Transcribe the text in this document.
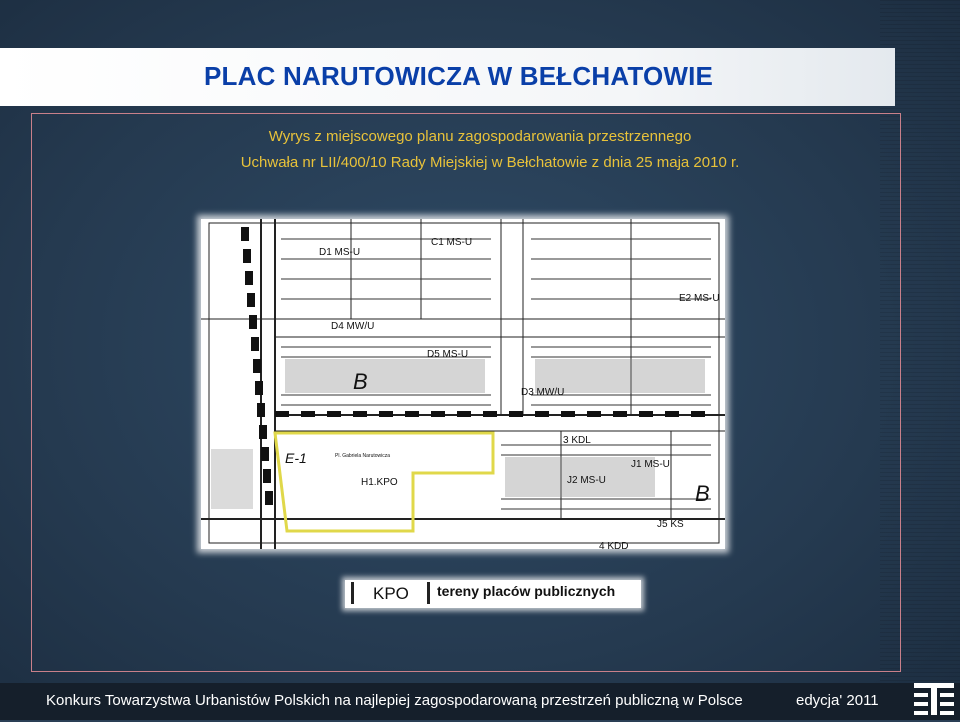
PLAC NARUTOWICZA W BEŁCHATOWIE
Wyrys z miejscowego planu zagospodarowania przestrzennego
Uchwała nr LII/400/10 Rady Miejskiej w Bełchatowie z dnia 25 maja 2010 r.
D1 MS-U
D4 MW/U
D5 MS-U
D3 MW/U
E2 MS-U
3 KDL
J1 MS-U
J2 MS-U
J5 KS
H1.KPO
4 KDD
C1 MS-U
Pl. Gabriela Narutowicza
B
B
E-1
KPO tereny placów publicznych
Konkurs Towarzystwa Urbanistów Polskich na najlepiej zagospodarowaną przestrzeń publiczną w Polsce	edycja' 2011
